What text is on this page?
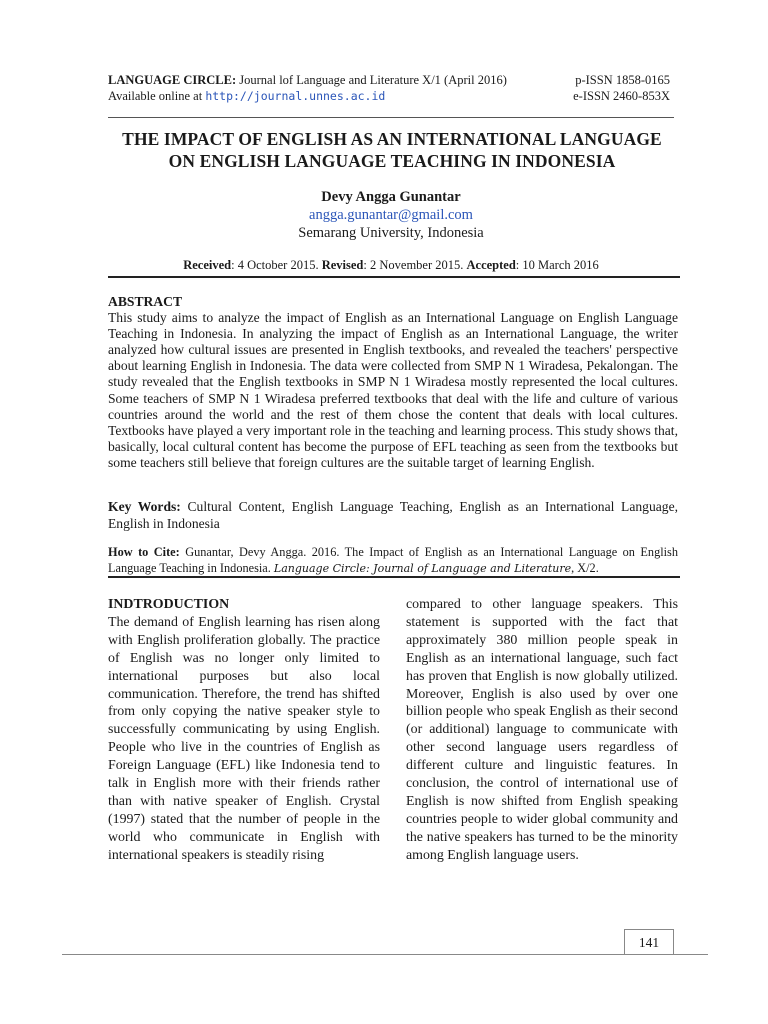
LANGUAGE CIRCLE: Journal lof Language and Literature X/1 (April 2016)	p-ISSN 1858-0165
Available online at http://journal.unnes.ac.id	e-ISSN 2460-853X
THE IMPACT OF ENGLISH AS AN INTERNATIONAL LANGUAGE
ON ENGLISH LANGUAGE TEACHING IN INDONESIA
Devy Angga Gunantar
angga.gunantar@gmail.com
Semarang University, Indonesia
Received: 4 October 2015. Revised: 2 November 2015. Accepted: 10 March 2016
ABSTRACT
This study aims to analyze the impact of English as an International Language on English Language Teaching in Indonesia. In analyzing the impact of English as an International Language, the writer analyzed how cultural issues are presented in English textbooks, and revealed the teachers' perspective about learning English in Indonesia. The data were collected from SMP N 1 Wiradesa, Pekalongan. The study revealed that the English textbooks in SMP N 1 Wiradesa mostly represented the local cultures. Some teachers of SMP N 1 Wiradesa preferred textbooks that deal with the life and culture of various countries around the world and the rest of them chose the content that deals with local cultures. Textbooks have played a very important role in the teaching and learning process. This study shows that, basically, local cultural content has become the purpose of EFL teaching as seen from the textbooks but some teachers still believe that foreign cultures are the suitable target of learning English.
Key Words: Cultural Content, English Language Teaching, English as an International Language, English in Indonesia
How to Cite: Gunantar, Devy Angga. 2016. The Impact of English as an International Language on English Language Teaching in Indonesia. Language Circle: Journal of Language and Literature, X/2.
INDTRODUCTION
The demand of English learning has risen along with English proliferation globally. The practice of English was no longer only limited to international purposes but also local communication. Therefore, the trend has shifted from only copying the native speaker style to successfully communicating by using English. People who live in the countries of English as Foreign Language (EFL) like Indonesia tend to talk in English more with their friends rather than with native speaker of English. Crystal (1997) stated that the number of people in the world who communicate in English with international speakers is steadily rising
compared to other language speakers. This statement is supported with the fact that approximately 380 million people speak in English as an international language, such fact has proven that English is now globally utilized. Moreover, English is also used by over one billion people who speak English as their second (or additional) language to communicate with other second language users regardless of different culture and linguistic features. In conclusion, the control of international use of English is now shifted from English speaking countries people to wider global community and the native speakers has turned to be the minority among English language users.
141
